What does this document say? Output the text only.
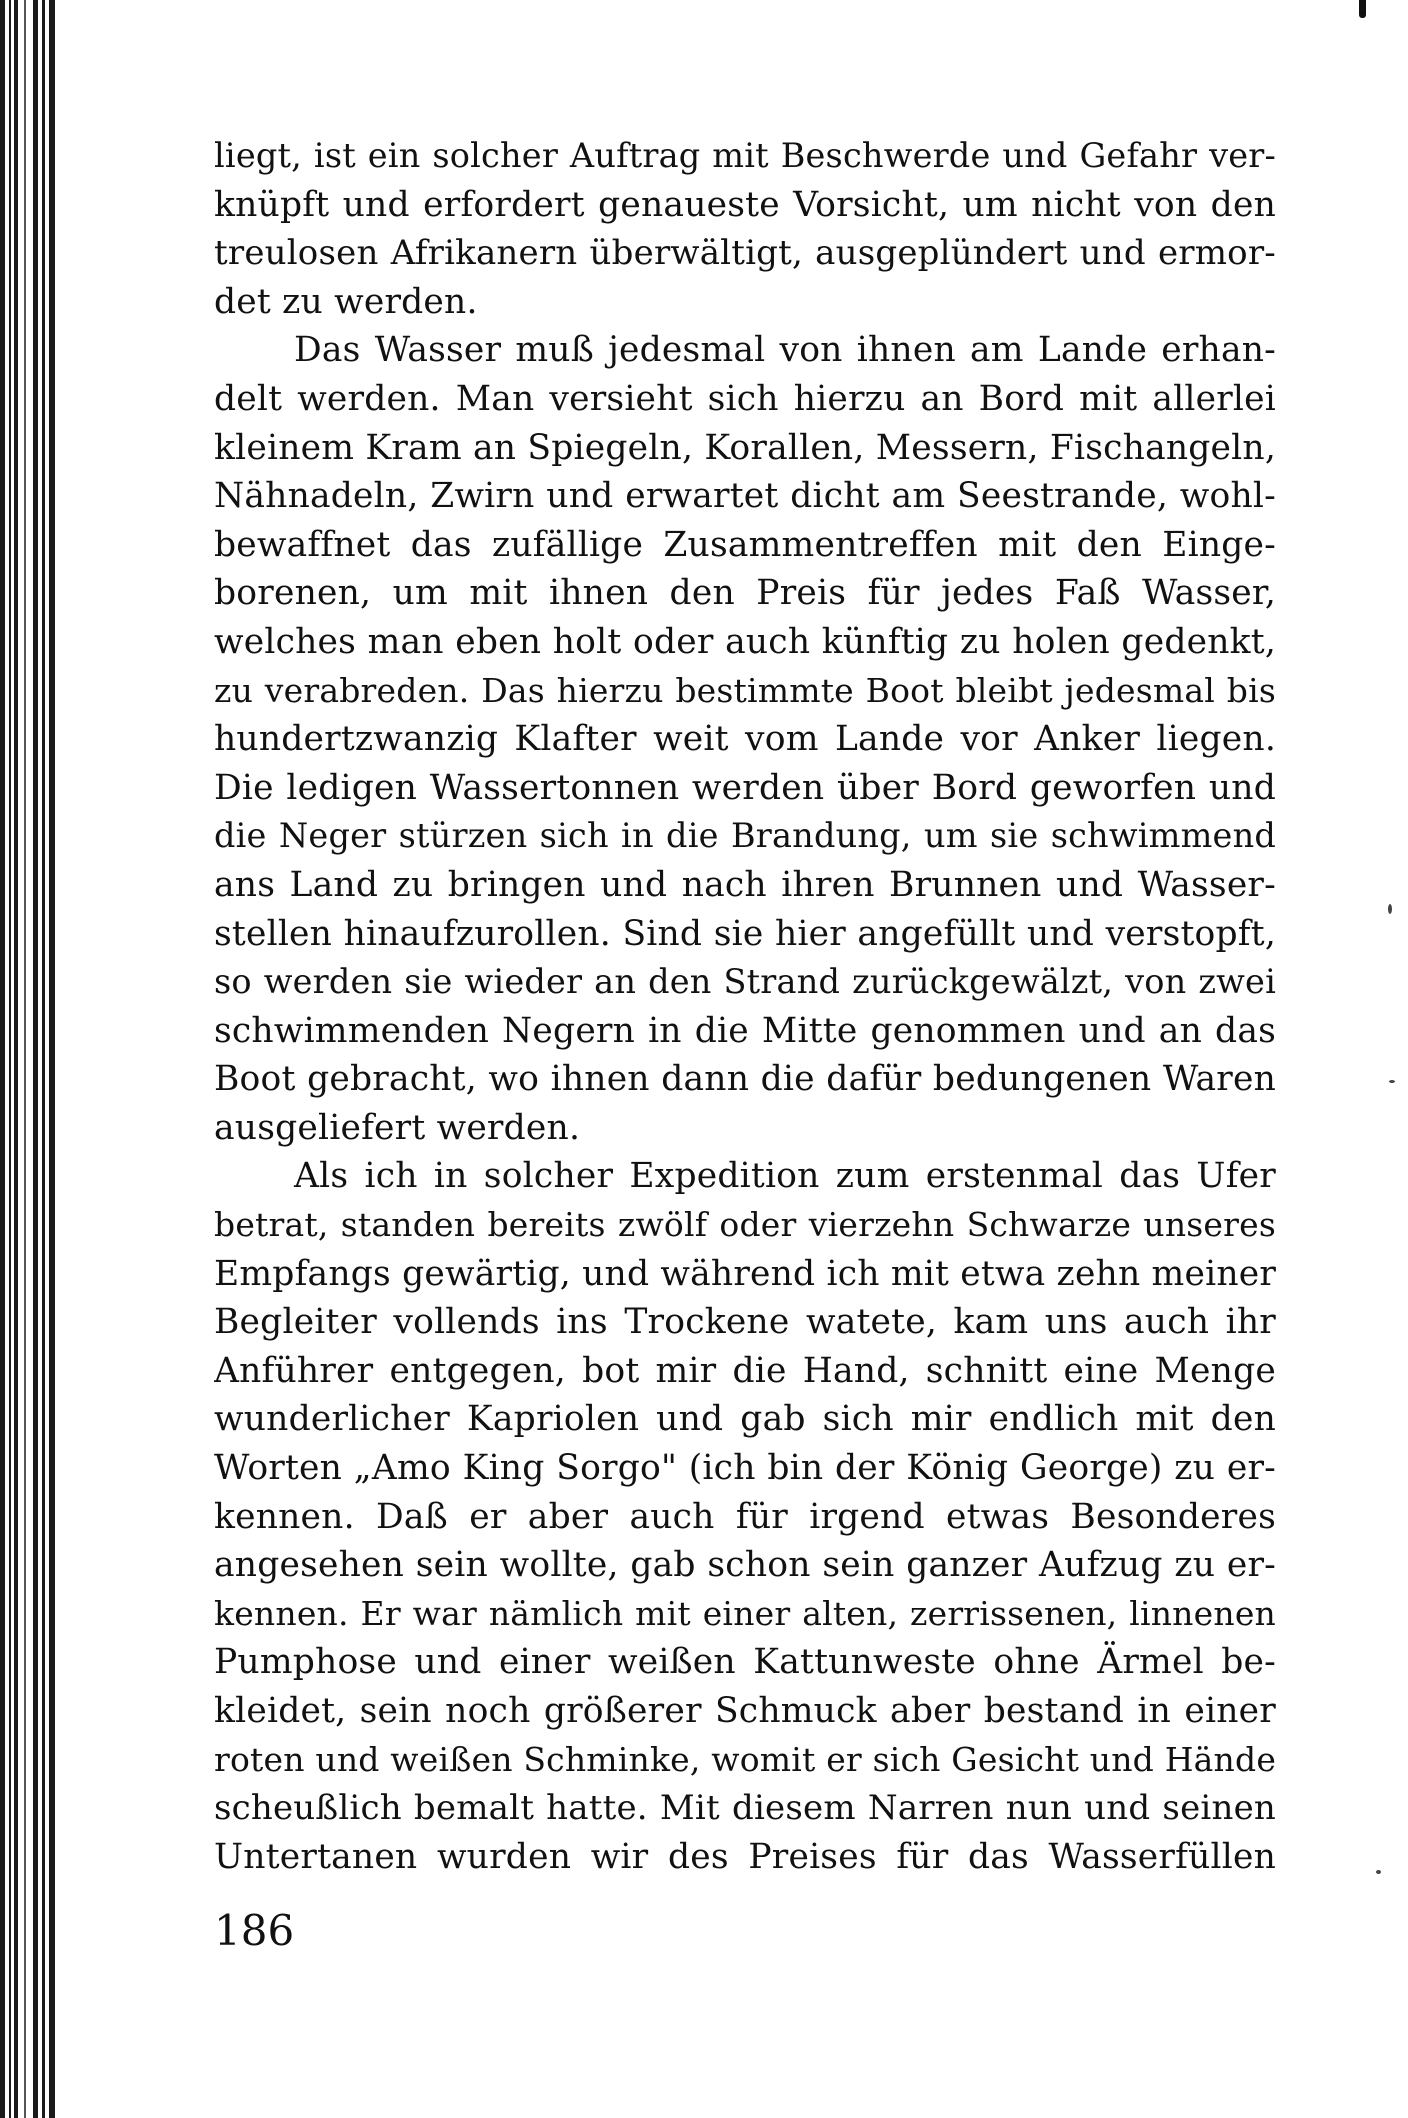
liegt, ist ein solcher Auftrag mit Beschwerde und Gefahr ver-
knüpft und erfordert genaueste Vorsicht, um nicht von den
treulosen Afrikanern überwältigt, ausgeplündert und ermor-
det zu werden.
Das Wasser muß jedesmal von ihnen am Lande erhan-
delt werden. Man versieht sich hierzu an Bord mit allerlei
kleinem Kram an Spiegeln, Korallen, Messern, Fischangeln,
Nähnadeln, Zwirn und erwartet dicht am Seestrande, wohl-
bewaffnet das zufällige Zusammentreffen mit den Einge-
borenen, um mit ihnen den Preis für jedes Faß Wasser,
welches man eben holt oder auch künftig zu holen gedenkt,
zu verabreden. Das hierzu bestimmte Boot bleibt jedesmal bis
hundertzwanzig Klafter weit vom Lande vor Anker liegen.
Die ledigen Wassertonnen werden über Bord geworfen und
die Neger stürzen sich in die Brandung, um sie schwimmend
ans Land zu bringen und nach ihren Brunnen und Wasser-
stellen hinaufzurollen. Sind sie hier angefüllt und verstopft,
so werden sie wieder an den Strand zurückgewälzt, von zwei
schwimmenden Negern in die Mitte genommen und an das
Boot gebracht, wo ihnen dann die dafür bedungenen Waren
ausgeliefert werden.
Als ich in solcher Expedition zum erstenmal das Ufer
betrat, standen bereits zwölf oder vierzehn Schwarze unseres
Empfangs gewärtig, und während ich mit etwa zehn meiner
Begleiter vollends ins Trockene watete, kam uns auch ihr
Anführer entgegen, bot mir die Hand, schnitt eine Menge
wunderlicher Kapriolen und gab sich mir endlich mit den
Worten „Amo King Sorgo" (ich bin der König George) zu er-
kennen. Daß er aber auch für irgend etwas Besonderes
angesehen sein wollte, gab schon sein ganzer Aufzug zu er-
kennen. Er war nämlich mit einer alten, zerrissenen, linnenen
Pumphose und einer weißen Kattunweste ohne Ärmel be-
kleidet, sein noch größerer Schmuck aber bestand in einer
roten und weißen Schminke, womit er sich Gesicht und Hände
scheußlich bemalt hatte. Mit diesem Narren nun und seinen
Untertanen wurden wir des Preises für das Wasserfüllen
186
